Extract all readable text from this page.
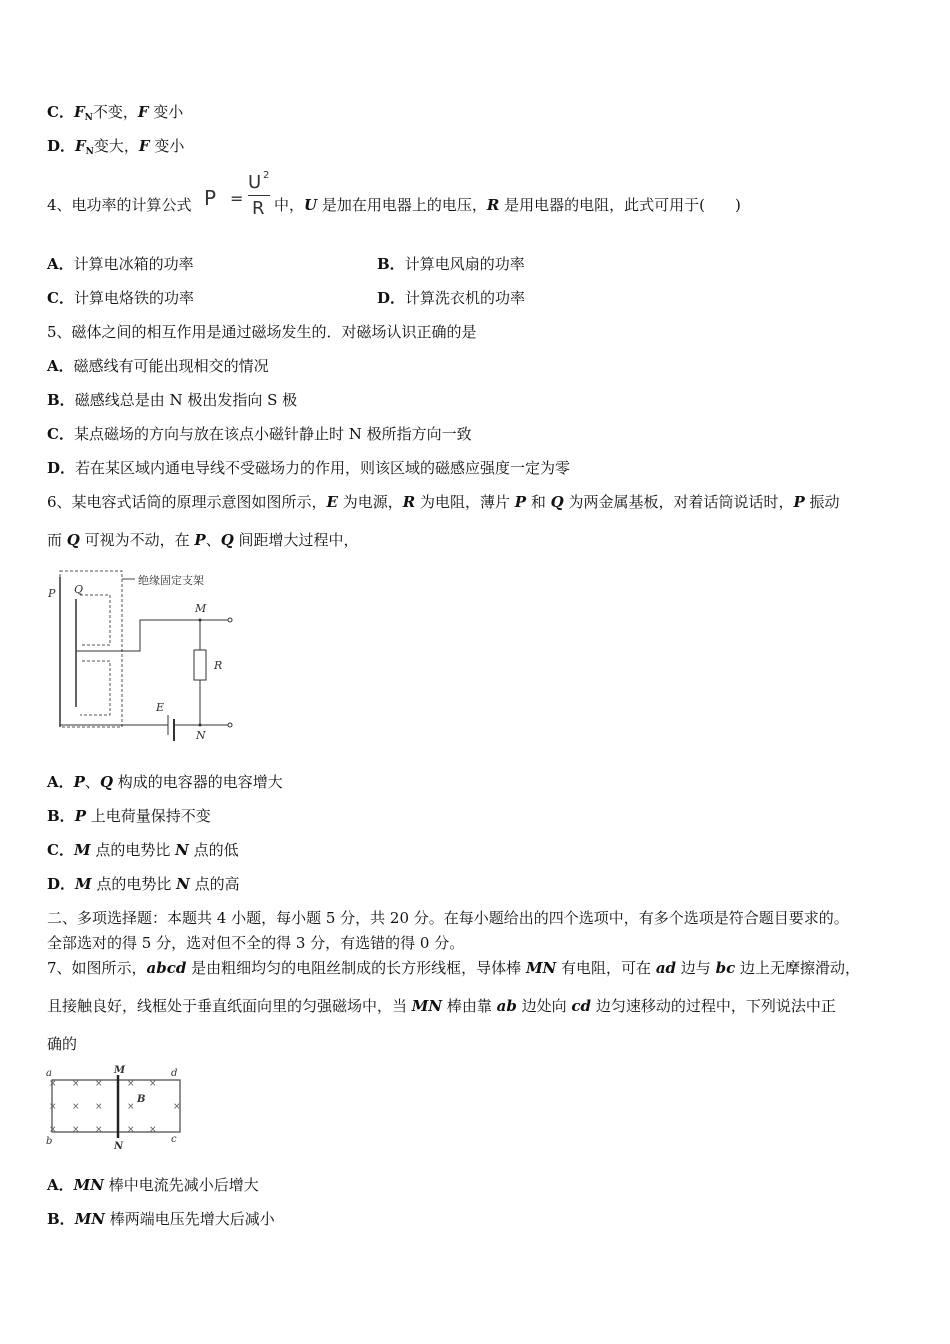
C．$F_N$不变，F 变小
D．$F_N$变大，F 变小
4、电功率的计算公式 P =
U 2
R 中，U 是加在用电器上的电压，R 是用电器的电阻，此式可用于(　　)
A．计算电冰箱的功率	B．计算电风扇的功率
C．计算电烙铁的功率	D．计算洗衣机的功率
5、磁体之间的相互作用是通过磁场发生的．对磁场认识正确的是
A．磁感线有可能出现相交的情况
B．磁感线总是由 N 极出发指向 S 极
C．某点磁场的方向与放在该点小磁针静止时 N 极所指方向一致
D．若在某区域内通电导线不受磁场力的作用，则该区域的磁感应强度一定为零
6、某电容式话筒的原理示意图如图所示，E 为电源，R 为电阻，薄片 P 和 Q 为两金属基板，对着话筒说话时，P 振动
而 Q 可视为不动，在 P、Q 间距增大过程中，
绝缘固定支架
P Q
M
R
E
N
A．P、Q 构成的电容器的电容增大
B．P 上电荷量保持不变
C．M 点的电势比 N 点的低
D．M 点的电势比 N 点的高
二、多项选择题：本题共 4 小题，每小题 5 分，共 20 分。在每小题给出的四个选项中，有多个选项是符合题目要求的。
全部选对的得 5 分，选对但不全的得 3 分，有选错的得 0 分。
7、如图所示，abcd 是由粗细均匀的电阻丝制成的长方形线框，导体棒 MN 有电阻，可在 ad 边与 bc 边上无摩擦滑动，
且接触良好，线框处于垂直纸面向里的匀强磁场中，当 MN 棒由靠 ab 边处向 cd 边匀速移动的过程中，下列说法中正
确的
a
b	c
d
M
N
B
× × ×	× ×
× × ×	×	×
× × ×	× ×
A．MN 棒中电流先减小后增大
B．MN 棒两端电压先增大后减小
